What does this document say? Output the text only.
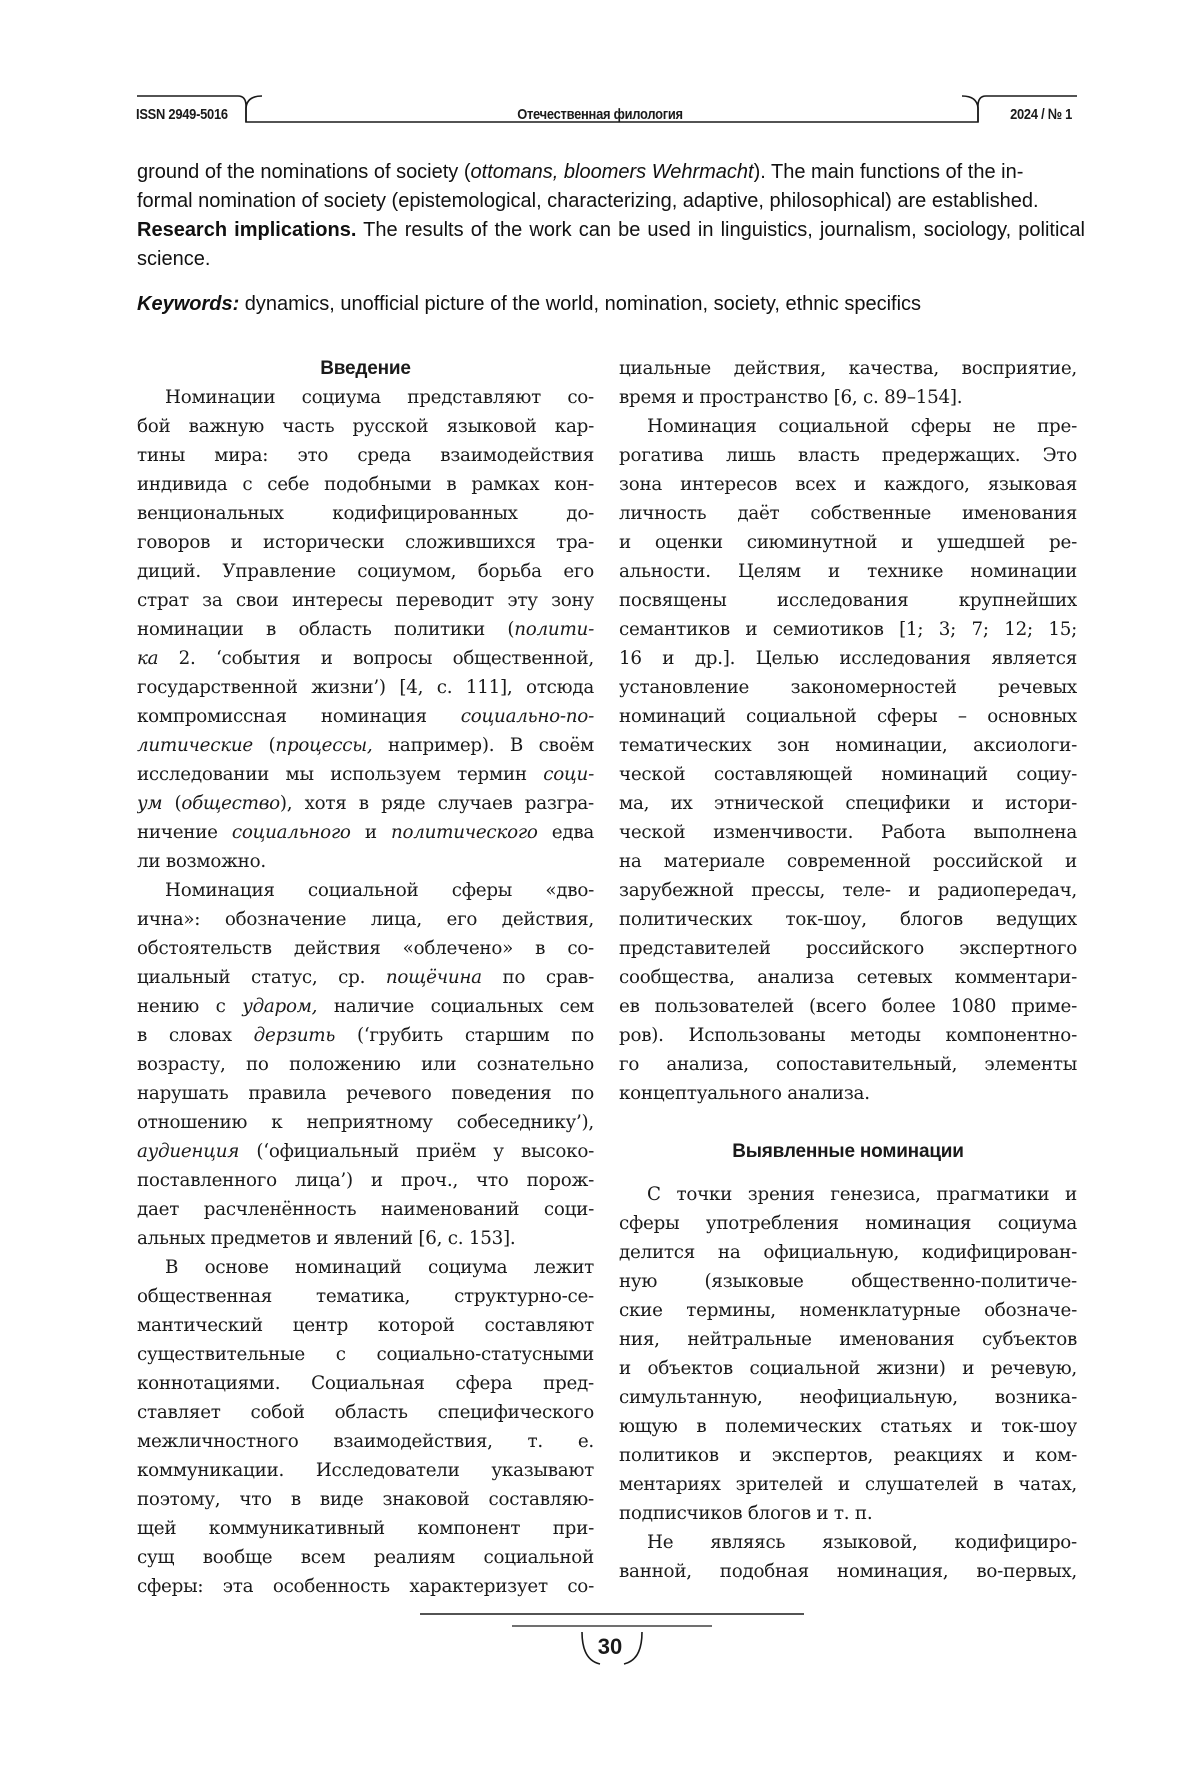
ISSN 2949-5016	Отечественная филология	2024 / № 1

ground of the nominations of society (ottomans, bloomers Wehrmacht). The main functions of the in-

formal nomination of society (epistemological, characterizing, adaptive, philosophical) are established.

Research implications. The results of the work can be used in linguistics, journalism, sociology, political science.

Keywords: dynamics, unofficial picture of the world, nomination, society, ethnic specifics
Введение
Номинации социума представляют со-
бой важную часть русской языковой кар-
тины мира: это среда взаимодействия
индивида с себе подобными в рамках кон-
венциональных кодифицированных до-
говоров и исторически сложившихся тра-
диций. Управление социумом, борьба его
страт за свои интересы переводит эту зону
номинации в область политики (полити-
ка 2. ‘события и вопросы общественной,
государственной жизни’) [4, с. 111], отсюда
компромиссная номинация социально-по-
литические (процессы, например). В своём
исследовании мы используем термин соци-
ум (общество), хотя в ряде случаев разгра-
ничение социального и политического едва
ли возможно.
Номинация социальной сферы «дво-
ична»: обозначение лица, его действия,
обстоятельств действия «облечено» в со-
циальный статус, ср. пощёчина по срав-
нению с ударом, наличие социальных сем
в словах дерзить (‘грубить старшим по
возрасту, по положению или сознательно
нарушать правила речевого поведения по
отношению к неприятному собеседнику’),
аудиенция (‘официальный приём у высоко-
поставленного лица’) и проч., что порож-
дает расчленённость наименований соци-
альных предметов и явлений [6, с. 153].
В основе номинаций социума лежит
общественная тематика, структурно-се-
мантический центр которой составляют
существительные с социально-статусными
коннотациями. Социальная сфера пред-
ставляет собой область специфического
межличностного взаимодействия, т. е.
коммуникации. Исследователи указывают
поэтому, что в виде знаковой составляю-
щей коммуникативный компонент при-
сущ вообще всем реалиям социальной
сферы: эта особенность характеризует со-
циальные действия, качества, восприятие,
время и пространство [6, с. 89–154].
Номинация социальной сферы не пре-
рогатива лишь власть предержащих. Это
зона интересов всех и каждого, языковая
личность даёт собственные именования
и оценки сиюминутной и ушедшей ре-
альности. Целям и технике номинации
посвящены исследования крупнейших
семантиков и семиотиков [1; 3; 7; 12; 15;
16 и др.]. Целью исследования является
установление закономерностей речевых
номинаций социальной сферы – основных
тематических зон номинации, аксиологи-
ческой составляющей номинаций социу-
ма, их этнической специфики и истори-
ческой изменчивости. Работа выполнена
на материале современной российской и
зарубежной прессы, теле- и радиопередач,
политических ток-шоу, блогов ведущих
представителей российского экспертного
сообщества, анализа сетевых комментари-
ев пользователей (всего более 1080 приме-
ров). Использованы методы компонентно-
го анализа, сопоставительный, элементы
концептуального анализа.
Выявленные номинации
С точки зрения генезиса, прагматики и
сферы употребления номинация социума
делится на официальную, кодифицирован-
ную (языковые общественно-политиче-
ские термины, номенклатурные обозначе-
ния, нейтральные именования субъектов
и объектов социальной жизни) и речевую,
симультанную, неофициальную, возника-
ющую в полемических статьях и ток-шоу
политиков и экспертов, реакциях и ком-
ментариях зрителей и слушателей в чатах,
подписчиков блогов и т. п.
Не являясь языковой, кодифициро-
ванной, подобная номинация, во-первых,
30
